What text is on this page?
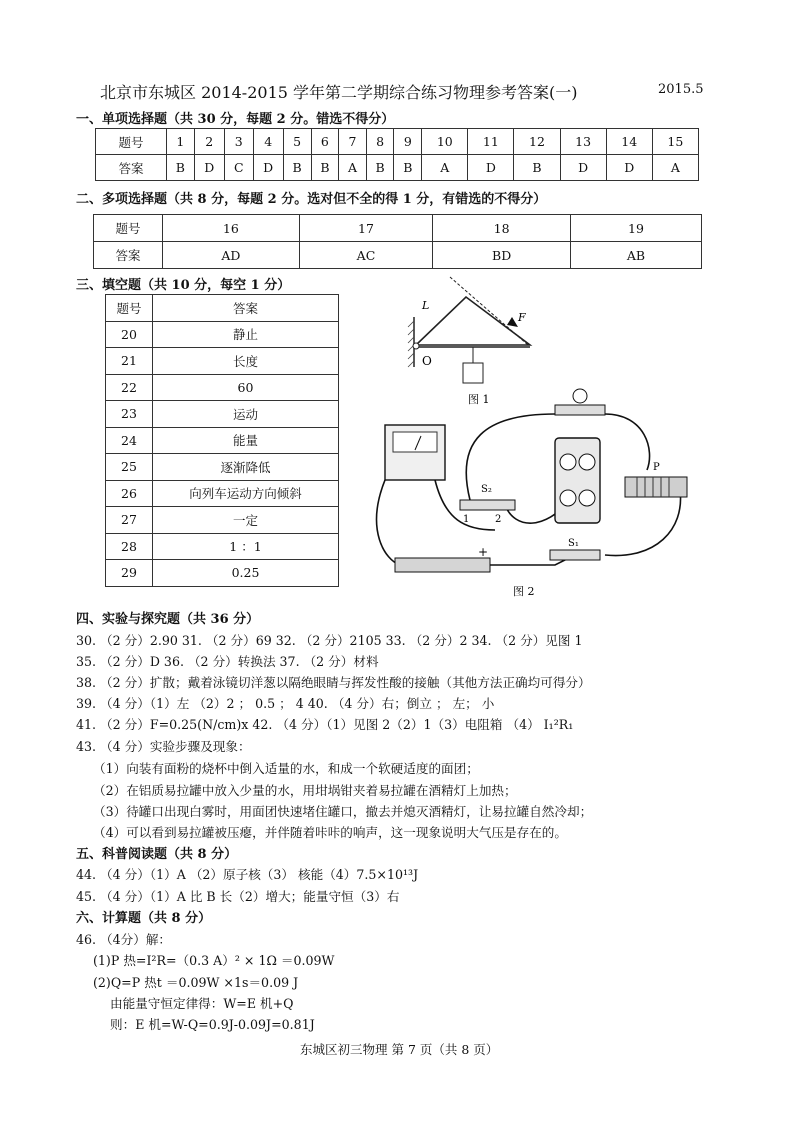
北京市东城区 2014-2015 学年第二学期综合练习物理参考答案(一)	2015.5
一、单项选择题（共 30 分，每题 2 分。错选不得分）
题号	1	2	3	4	5	6	7	8	9	10	11	12	13	14	15
答案	B	D	C	D	B	B	A	B	B	A	D	B	D	D	A
二、多项选择题（共 8 分，每题 2 分。选对但不全的得 1 分，有错选的不得分）
题号	16	17	18	19
答案	AD	AC	BD	AB
三、填空题（共 10 分，每空 1 分）
题号	答案
20	静止
21	长度
22	60
23	运动
24	能量
25	逐渐降低
26	向列车运动方向倾斜
27	一定
28	1 ：1
29	0.25
L
F
O
图 1
P
S₂
S₁
1	2
+
图 2
四、实验与探究题（共 36 分）
30. （2 分）2.90 31. （2 分）69 32. （2 分）2105 33. （2 分）2 34. （2 分）见图 1
35. （2 分）D 36. （2 分）转换法 37. （2 分）材料
38. （2 分）扩散；戴着泳镜切洋葱以隔绝眼睛与挥发性酸的接触（其他方法正确均可得分）
39. （4 分）（1）左 （2）2 ； 0.5 ； 4 40. （4 分）右；倒立 ； 左； 小
41. （2 分）F=0.25(N/cm)x 42. （4 分）（1）见图 2（2）1（3）电阻箱 （4） I₁²R₁
43. （4 分）实验步骤及现象：
（1）向装有面粉的烧杯中倒入适量的水，和成一个软硬适度的面团；
（2）在铝质易拉罐中放入少量的水，用坩埚钳夹着易拉罐在酒精灯上加热；
（3）待罐口出现白雾时，用面团快速堵住罐口，撤去并熄灭酒精灯，让易拉罐自然冷却；
（4）可以看到易拉罐被压瘪，并伴随着咔咔的响声，这一现象说明大气压是存在的。
五、科普阅读题（共 8 分）
44. （4 分）（1）A （2）原子核（3） 核能（4）7.5×10¹³J
45. （4 分）（1）A 比 B 长（2）增大；能量守恒（3）右
六、计算题（共 8 分）
46. （4分）解：
(1)P 热=I²R=（0.3 A）² × 1Ω ＝0.09W
(2)Q=P 热t ＝0.09W ×1s＝0.09 J
由能量守恒定律得：W=E 机+Q
则：E 机=W-Q=0.9J-0.09J=0.81J
东城区初三物理 第 7 页（共 8 页）
